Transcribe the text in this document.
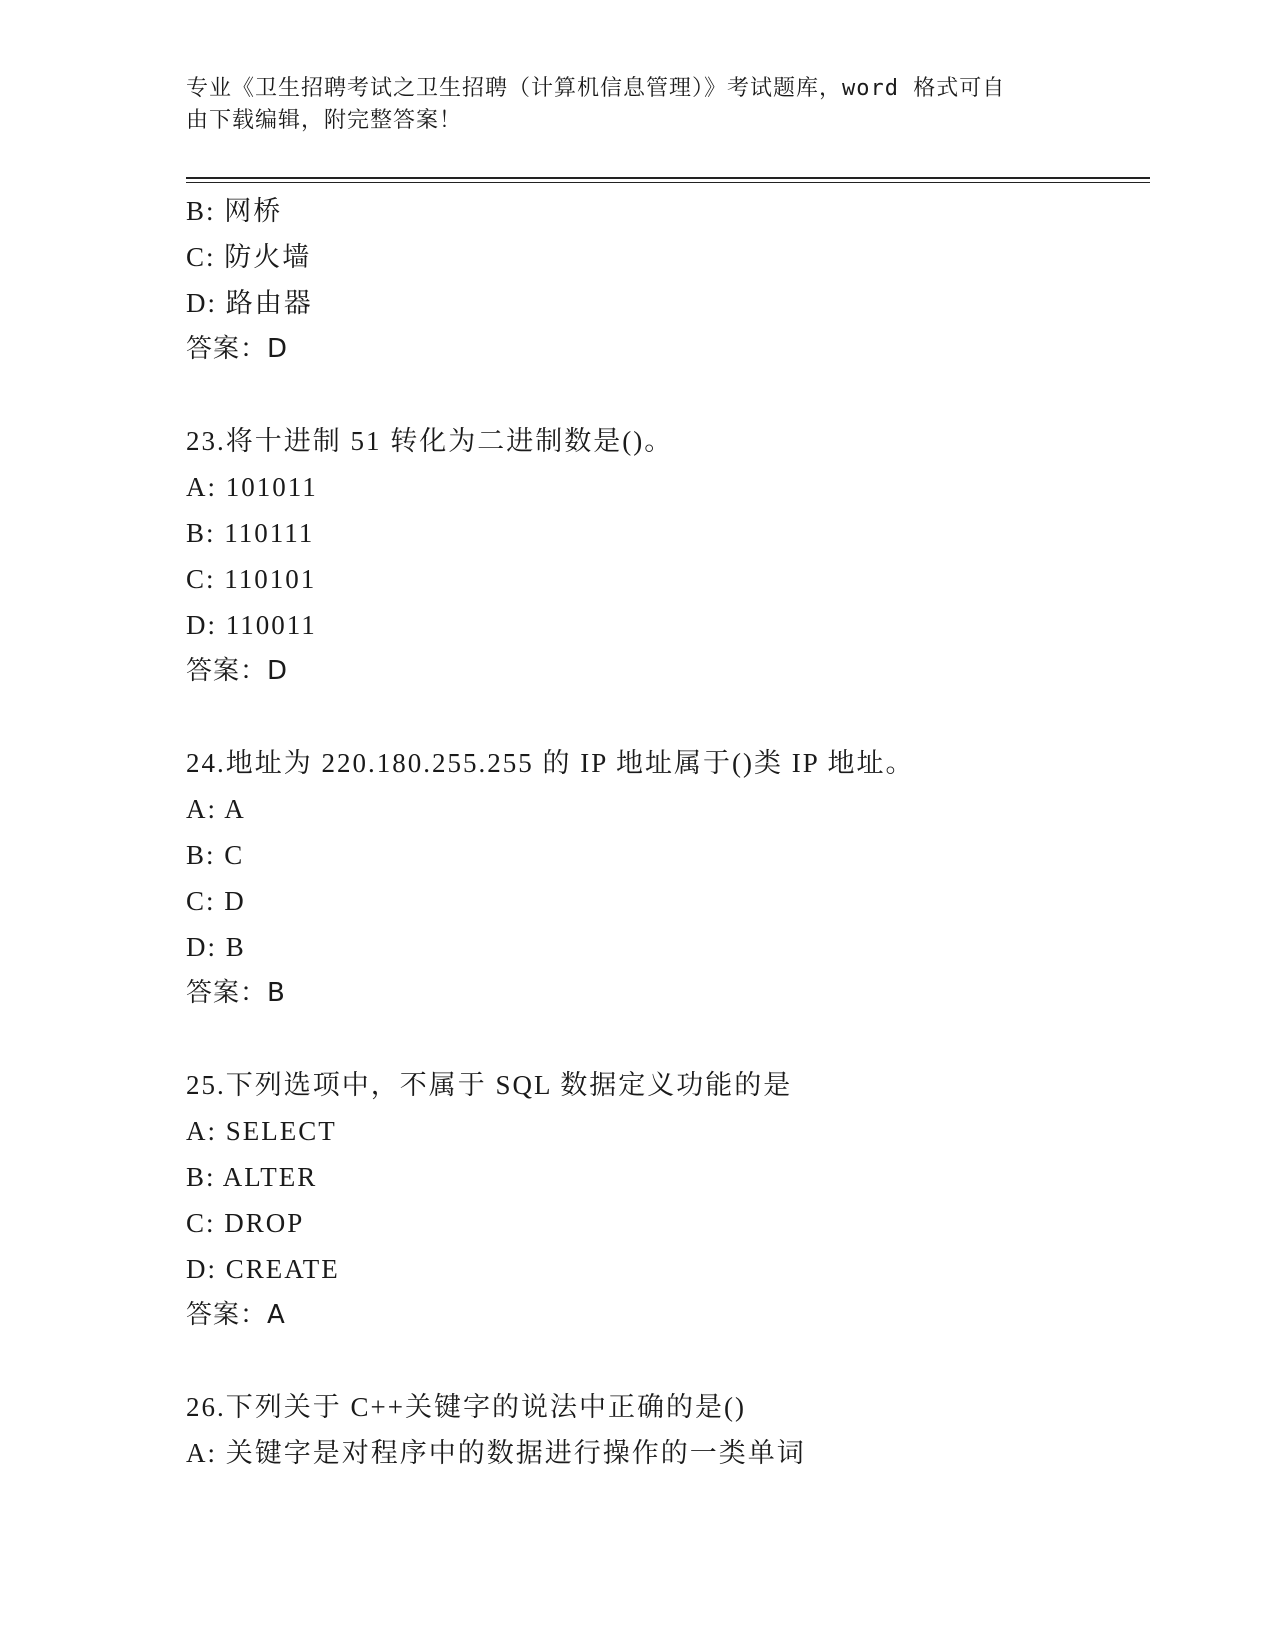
专业《卫生招聘考试之卫生招聘（计算机信息管理）》考试题库，word 格式可自
由下载编辑，附完整答案！
B: 网桥
C: 防火墙
D: 路由器
答案：D
23.将十进制 51 转化为二进制数是()。
A: 101011
B: 110111
C: 110101
D: 110011
答案：D
24.地址为 220.180.255.255 的 IP 地址属于()类 IP 地址。
A: A
B: C
C: D
D: B
答案：B
25.下列选项中，不属于 SQL 数据定义功能的是
A: SELECT
B: ALTER
C: DROP
D: CREATE
答案：A
26.下列关于 C++关键字的说法中正确的是()
A: 关键字是对程序中的数据进行操作的一类单词
